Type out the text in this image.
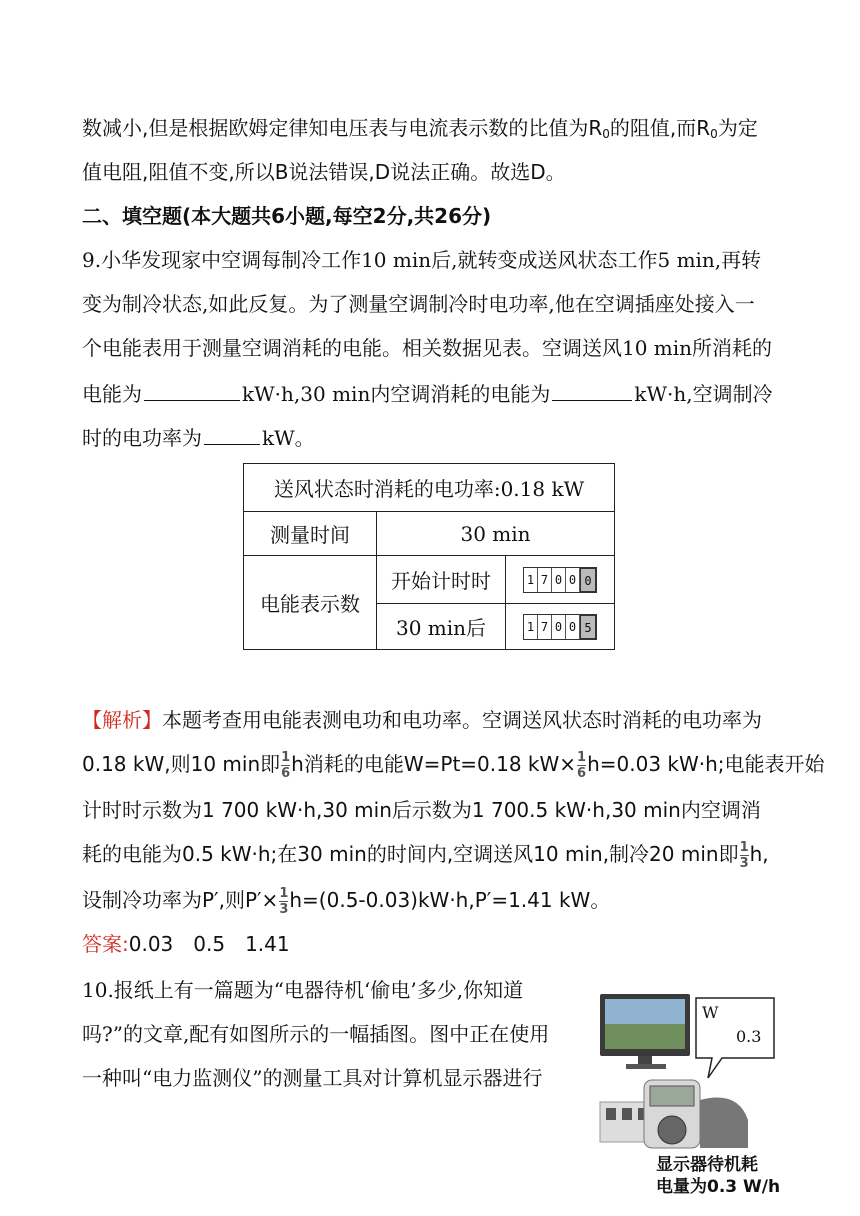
数减小,但是根据欧姆定律知电压表与电流表示数的比值为$R_0$的阻值,而$R_0$为定
值电阻,阻值不变,所以B说法错误,D说法正确。故选D。
二、填空题(本大题共6小题,每空2分,共26分)
9.小华发现家中空调每制冷工作10 min后,就转变成送风状态工作5 min,再转
变为制冷状态,如此反复。为了测量空调制冷时电功率,他在空调插座处接入一
个电能表用于测量空调消耗的电能。相关数据见表。空调送风10 min所消耗的
电能为	kW·h,30 min内空调消耗的电能为	kW·h,空调制冷
时的电功率为	kW。
送风状态时消耗的电功率:0.18 kW		
测量时间	30 min	
电能表示数	开始计时时	1 7 0 0 0

	30 min后	1 7 0 0 5
【解析】本题考查用电能表测电功和电功率。空调送风状态时消耗的电功率为
0.18 kW,则10 min即 $\frac{1}{6}$ h消耗的电能W=Pt=0.18 $kW\times \frac{1}{6} h=0.03$ kW·h;电能表开始
计时时示数为1 700 kW·h,30 min后示数为1 700.5 kW·h,30 min内空调消
耗的电能为0.5 kW·h;在30 min的时间内,空调送风10 min,制冷20 min即 $\frac{1}{3} h$,
设制冷功率为P′,则$P'\times \frac{1}{3} h=(0.5-0.03)kW\cdot h,P'=1.41$ kW。
答案:0.03　0.5　1.41
10.报纸上有一篇题为“电器待机‘偷电’多少,你知道
吗?”的文章,配有如图所示的一幅插图。图中正在使用
一种叫“电力监测仪”的测量工具对计算机显示器进行
W
0.3
显示器待机耗
电量为0.3 W/h
